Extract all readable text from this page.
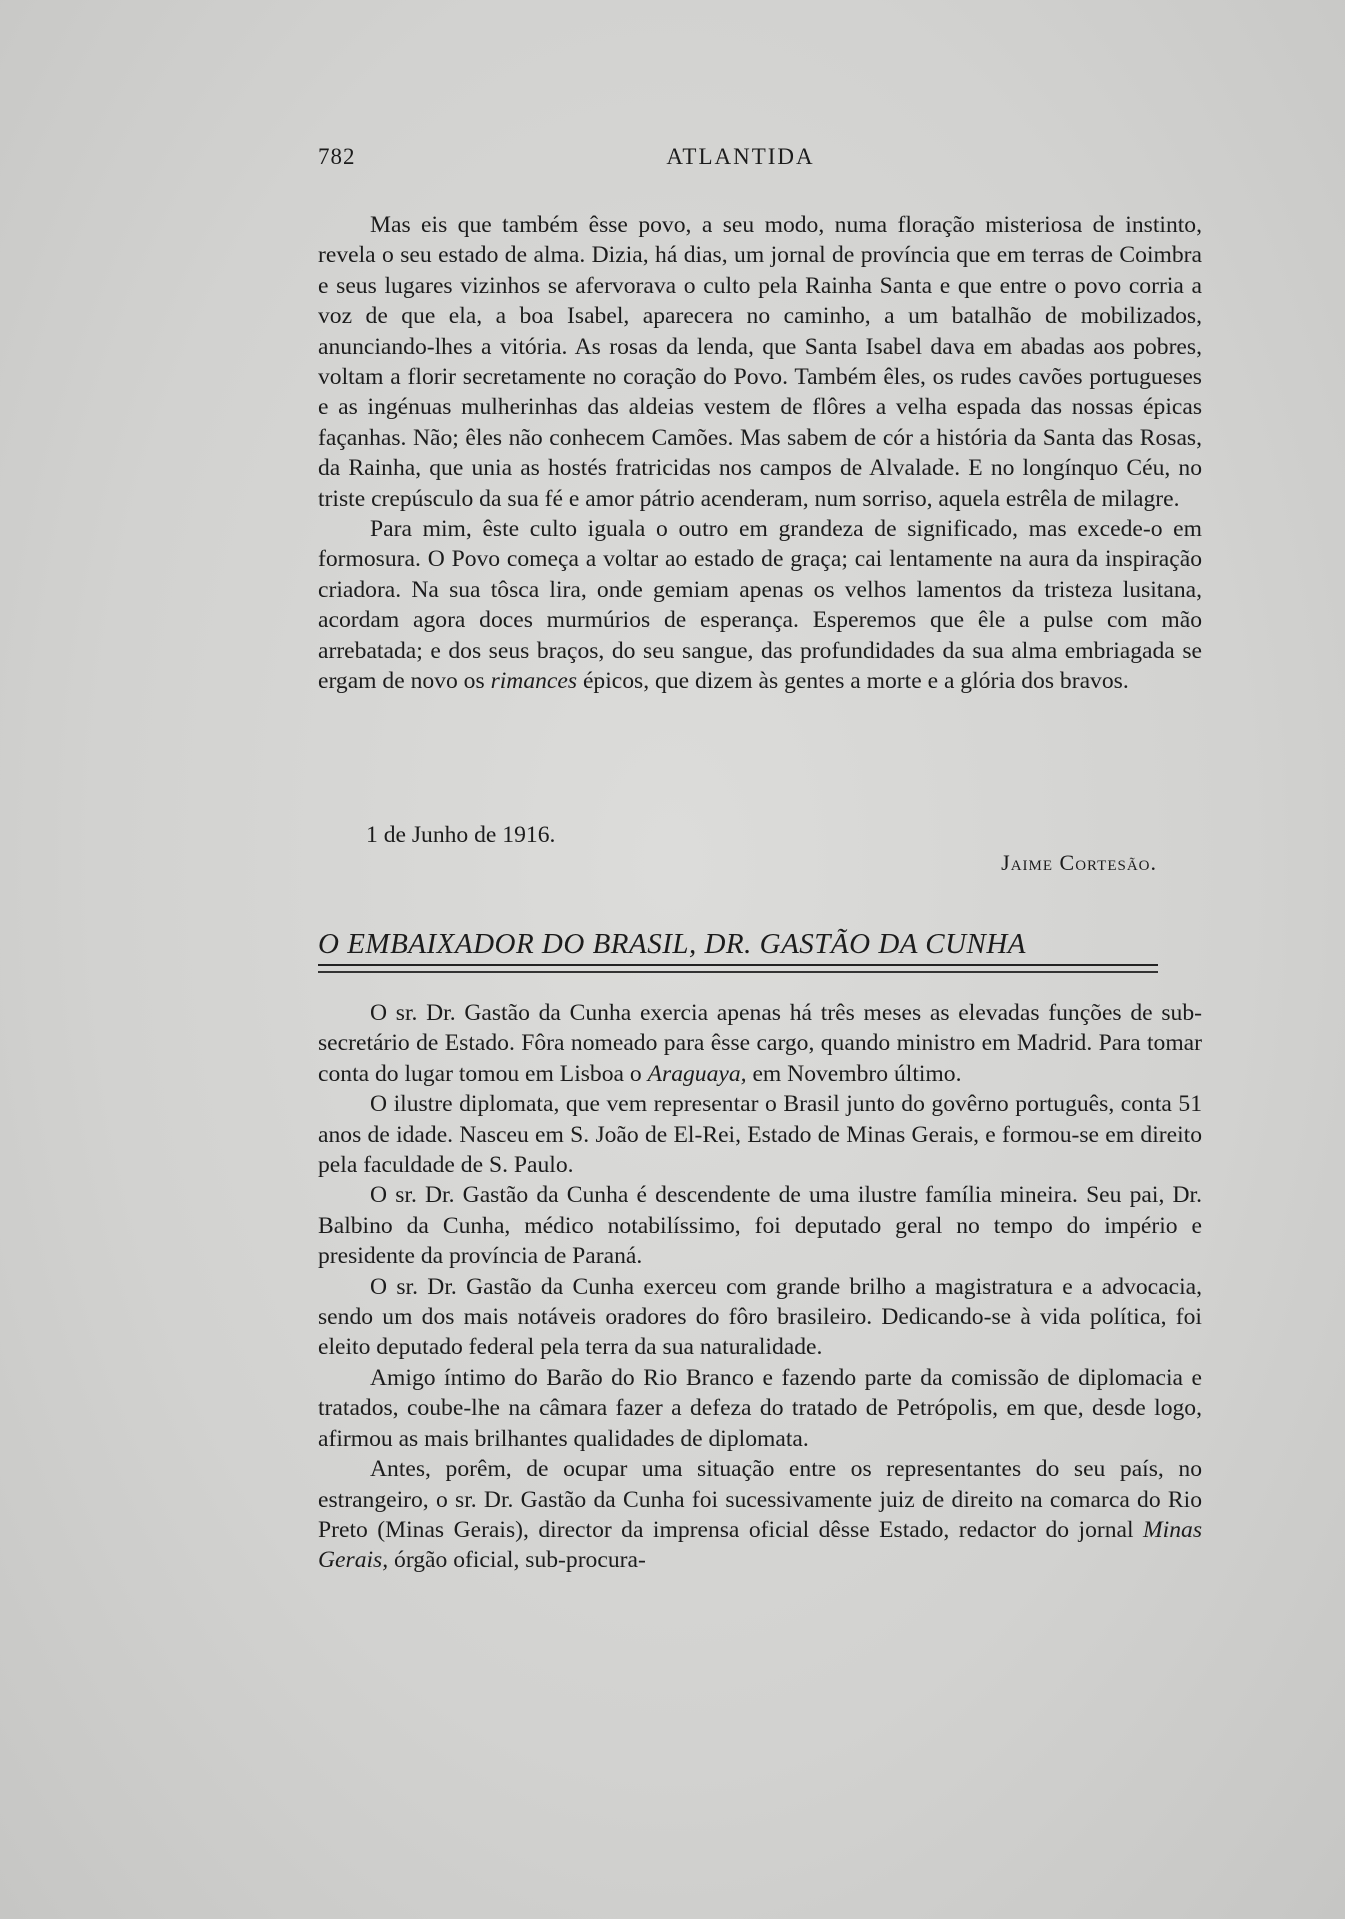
782	ATLANTIDA

Mas eis que também êsse povo, a seu modo, numa floração misteriosa de instinto, revela o seu estado de alma. Dizia, há dias, um jornal de província que em terras de Coimbra e seus lugares vizinhos se afervorava o culto pela Rainha Santa e que entre o povo corria a voz de que ela, a boa Isabel, aparecera no caminho, a um batalhão de mobilizados, anunciando-lhes a vitória. As rosas da lenda, que Santa Isabel dava em abadas aos pobres, voltam a florir secretamente no coração do Povo. Também êles, os rudes cavões portugueses e as ingénuas mulherinhas das aldeias vestem de flôres a velha espada das nossas épicas façanhas. Não; êles não conhecem Camões. Mas sabem de cór a história da Santa das Rosas, da Rainha, que unia as hostés fratricidas nos campos de Alvalade. E no longínquo Céu, no triste crepúsculo da sua fé e amor pátrio acenderam, num sorriso, aquela estrêla de milagre.

Para mim, êste culto iguala o outro em grandeza de significado, mas excede-o em formosura. O Povo começa a voltar ao estado de graça; cai lentamente na aura da inspiração criadora. Na sua tôsca lira, onde gemiam apenas os velhos lamentos da tristeza lusitana, acordam agora doces murmúrios de esperança. Esperemos que êle a pulse com mão arrebatada; e dos seus braços, do seu sangue, das profundidades da sua alma embriagada se ergam de novo os rimances épicos, que dizem às gentes a morte e a glória dos bravos.

1 de Junho de 1916.
Jaime Cortesão.
O EMBAIXADOR DO BRASIL, DR. GASTÃO DA CUNHA

O sr. Dr. Gastão da Cunha exercia apenas há três meses as elevadas funções de sub-secretário de Estado. Fôra nomeado para êsse cargo, quando ministro em Madrid. Para tomar conta do lugar tomou em Lisboa o Araguaya, em Novembro último.

O ilustre diplomata, que vem representar o Brasil junto do govêrno português, conta 51 anos de idade. Nasceu em S. João de El-Rei, Estado de Minas Gerais, e formou-se em direito pela faculdade de S. Paulo.

O sr. Dr. Gastão da Cunha é descendente de uma ilustre família mineira. Seu pai, Dr. Balbino da Cunha, médico notabilíssimo, foi deputado geral no tempo do império e presidente da província de Paraná.

O sr. Dr. Gastão da Cunha exerceu com grande brilho a magistratura e a advocacia, sendo um dos mais notáveis oradores do fôro brasileiro. Dedicando-se à vida política, foi eleito deputado federal pela terra da sua naturalidade.

Amigo íntimo do Barão do Rio Branco e fazendo parte da comissão de diplomacia e tratados, coube-lhe na câmara fazer a defeza do tratado de Petrópolis, em que, desde logo, afirmou as mais brilhantes qualidades de diplomata.

Antes, porêm, de ocupar uma situação entre os representantes do seu país, no estrangeiro, o sr. Dr. Gastão da Cunha foi sucessivamente juiz de direito na comarca do Rio Preto (Minas Gerais), director da imprensa oficial dêsse Estado, redactor do jornal Minas Gerais, órgão oficial, sub-procura-
